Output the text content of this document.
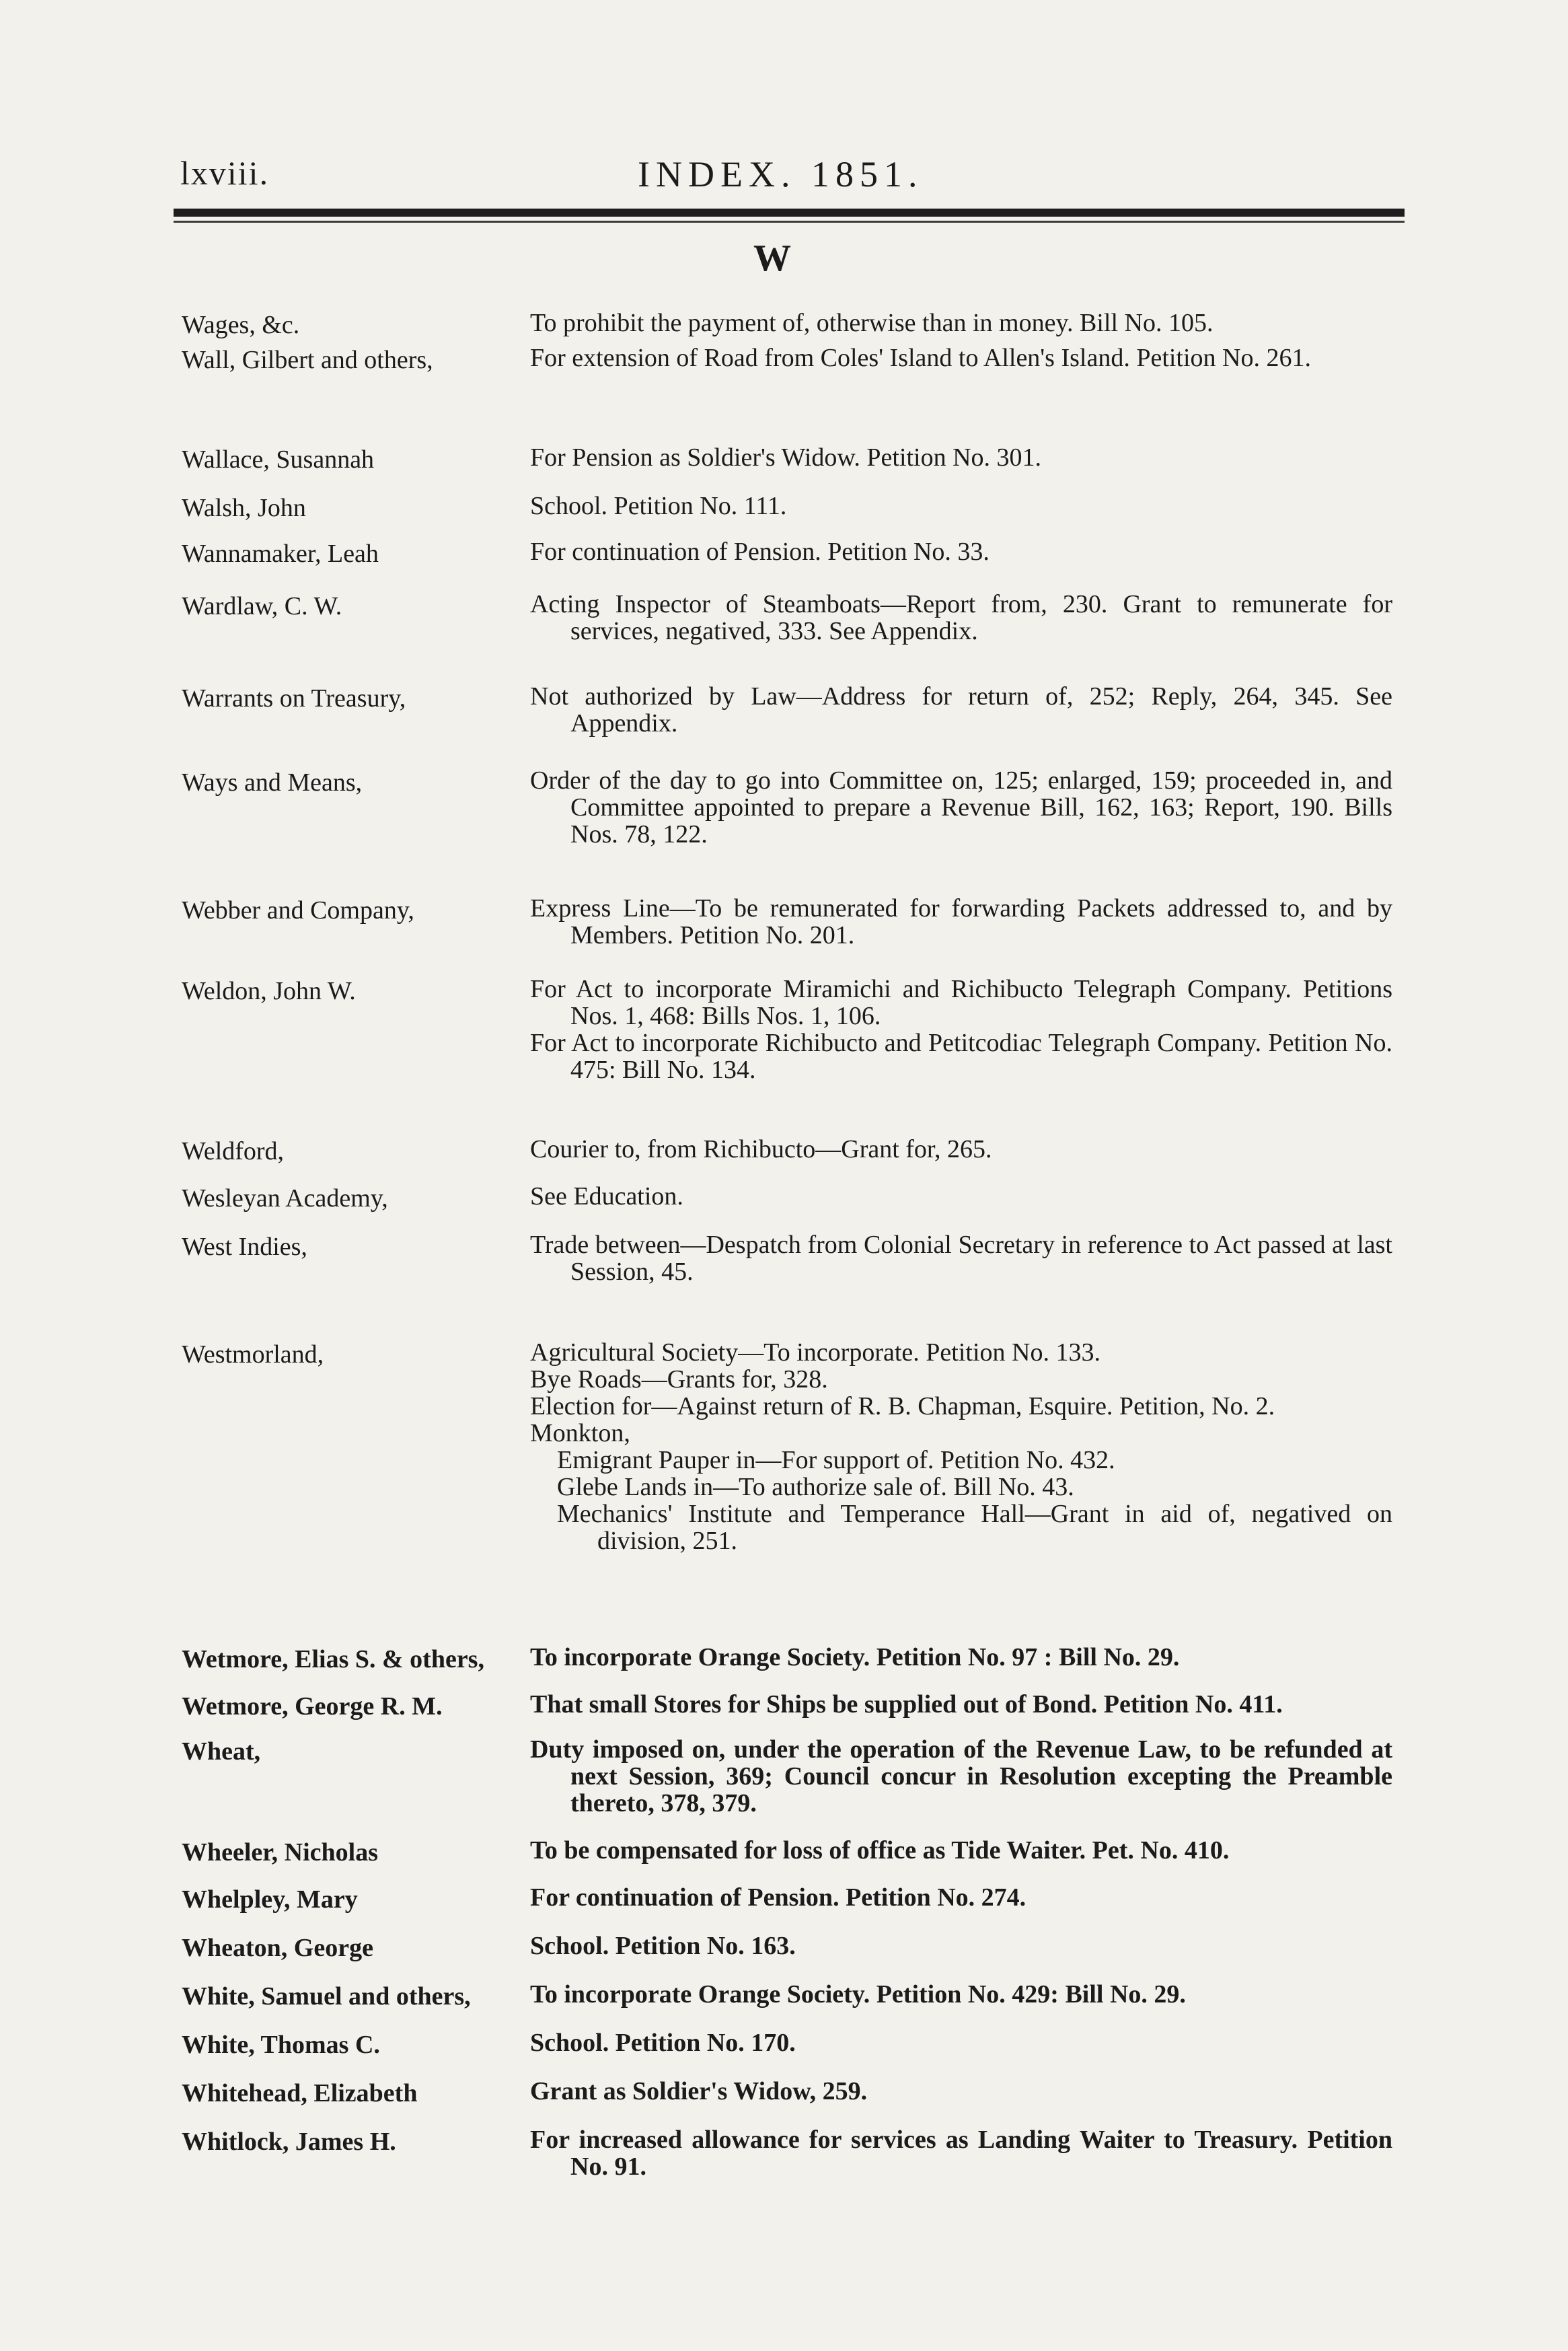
lxviii.	INDEX. 1851.
W
Wages, &c.	To prohibit the payment of, otherwise than in money. Bill No. 105.
Wall, Gilbert and others,	For extension of Road from Coles' Island to Allen's Island. Petition No. 261.
Wallace, Susannah	For Pension as Soldier's Widow. Petition No. 301.
Walsh, John	School. Petition No. 111.
Wannamaker, Leah	For continuation of Pension. Petition No. 33.
Wardlaw, C. W.	Acting Inspector of Steamboats—Report from, 230. Grant to remunerate for services, negatived, 333. See Appendix.
Warrants on Treasury,	Not authorized by Law—Address for return of, 252; Reply, 264, 345. See Appendix.
Ways and Means,	Order of the day to go into Committee on, 125; enlarged, 159; proceeded in, and Committee appointed to prepare a Revenue Bill, 162, 163; Report, 190. Bills Nos. 78, 122.
Webber and Company,	Express Line—To be remunerated for forwarding Packets addressed to, and by Members. Petition No. 201.
Weldon, John W.	For Act to incorporate Miramichi and Richibucto Telegraph Company. Petitions Nos. 1, 468: Bills Nos. 1, 106.
For Act to incorporate Richibucto and Petitcodiac Telegraph Company. Petition No. 475: Bill No. 134.
Weldford,	Courier to, from Richibucto—Grant for, 265.
Wesleyan Academy,	See Education.
West Indies,	Trade between—Despatch from Colonial Secretary in reference to Act passed at last Session, 45.
Westmorland,	Agricultural Society—To incorporate. Petition No. 133.
Bye Roads—Grants for, 328.
Election for—Against return of R. B. Chapman, Esquire. Petition, No. 2.
Monkton,
Emigrant Pauper in—For support of. Petition No. 432.
Glebe Lands in—To authorize sale of. Bill No. 43.
Mechanics' Institute and Temperance Hall—Grant in aid of, negatived on division, 251.
Wetmore, Elias S. & others,	To incorporate Orange Society. Petition No. 97 : Bill No. 29.
Wetmore, George R. M.	That small Stores for Ships be supplied out of Bond. Petition No. 411.
Wheat,	Duty imposed on, under the operation of the Revenue Law, to be refunded at next Session, 369; Council concur in Resolution excepting the Preamble thereto, 378, 379.
Wheeler, Nicholas	To be compensated for loss of office as Tide Waiter. Pet. No. 410.
Whelpley, Mary	For continuation of Pension. Petition No. 274.
Wheaton, George	School. Petition No. 163.
White, Samuel and others,	To incorporate Orange Society. Petition No. 429: Bill No. 29.
White, Thomas C.	School. Petition No. 170.
Whitehead, Elizabeth	Grant as Soldier's Widow, 259.
Whitlock, James H.	For increased allowance for services as Landing Waiter to Treasury. Petition No. 91.
